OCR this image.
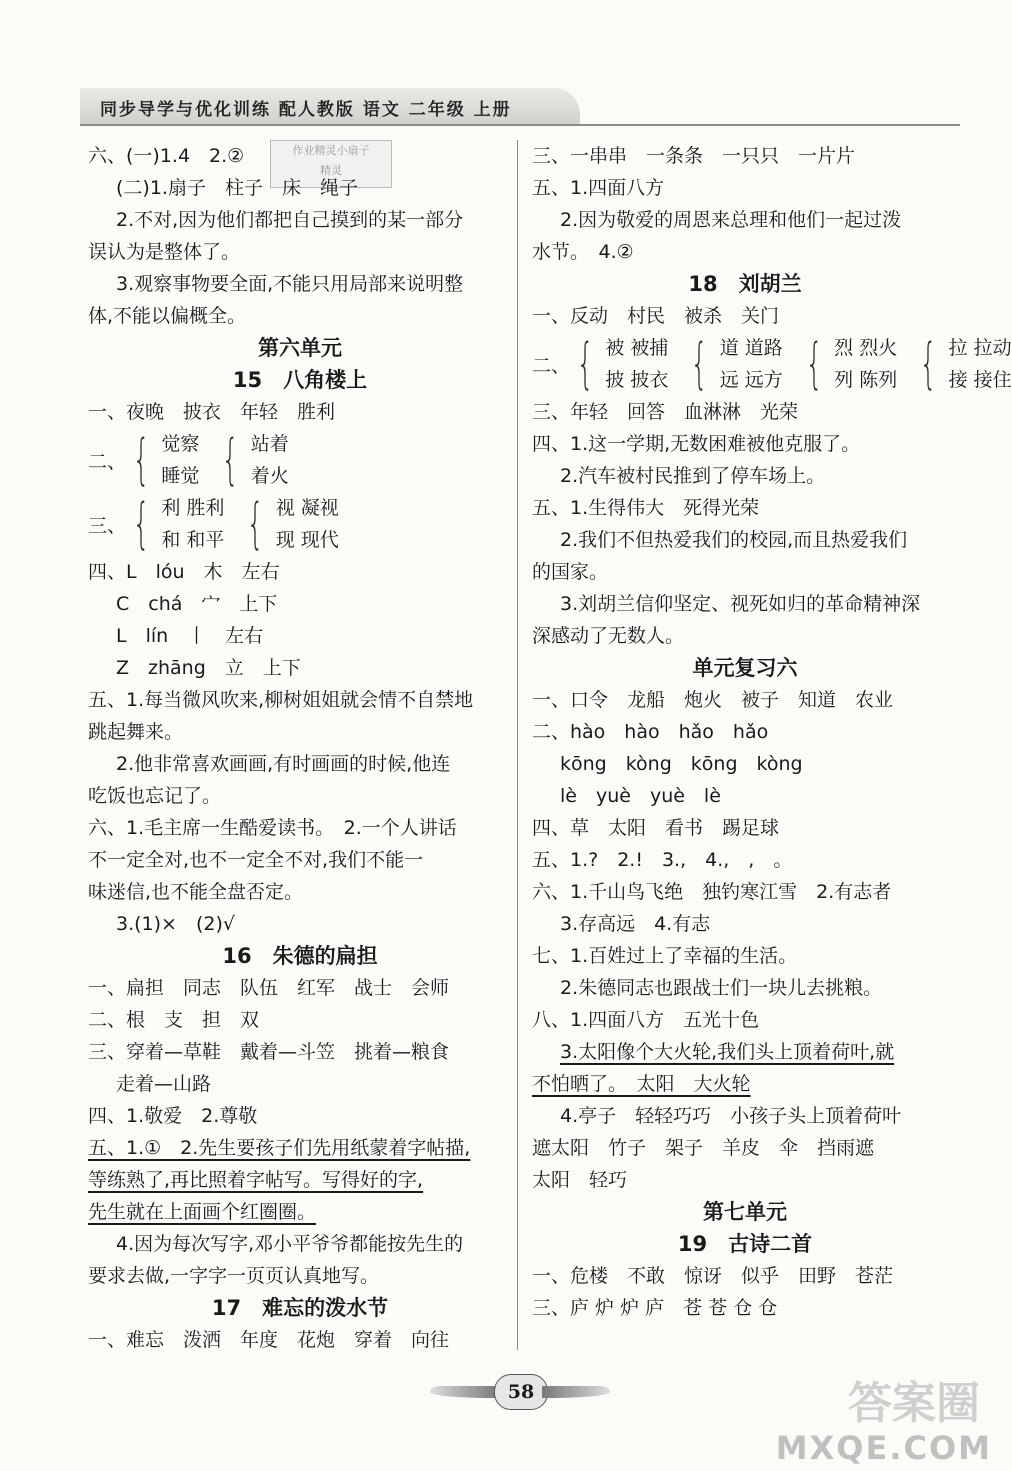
同步导学与优化训练 配人教版 语文 二年级 上册
作业精灵小扇子
精灵
六、(一)1.4　2.②
(二)1.扇子　柱子　床　绳子
2.不对,因为他们都把自己摸到的某一部分
误认为是整体了。
3.观察事物要全面,不能只用局部来说明整
体,不能以偏概全。
第六单元
15　八角楼上
一、夜晚　披衣　年轻　胜利
二、 { 觉察
睡觉 { 站着
着火
三、 { 利 胜利
和 和平 { 视 凝视
现 现代
四、L　lóu　木　左右
C　chá　宀　上下
L　lín　丨　左右
Z　zhāng　立　上下
五、1.每当微风吹来,柳树姐姐就会情不自禁地
跳起舞来。
2.他非常喜欢画画,有时画画的时候,他连
吃饭也忘记了。
六、1.毛主席一生酷爱读书。　2.一个人讲话
不一定全对,也不一定全不对,我们不能一
味迷信,也不能全盘否定。
3.(1)×　(2)√
16　朱德的扁担
一、扁担　同志　队伍　红军　战士　会师
二、根　支　担　双
三、穿着—草鞋　戴着—斗笠　挑着—粮食
走着—山路
四、1.敬爱　2.尊敬
五、1.①　2.先生要孩子们先用纸蒙着字帖描,
等练熟了,再比照着字帖写。写得好的字,
先生就在上面画个红圈圈。
4.因为每次写字,邓小平爷爷都能按先生的
要求去做,一字字一页页认真地写。
17　难忘的泼水节
一、难忘　泼洒　年度　花炮　穿着　向往
三、一串串　一条条　一只只　一片片
五、1.四面八方
2.因为敬爱的周恩来总理和他们一起过泼
水节。　4.②
18　刘胡兰
一、反动　村民　被杀　关门
二、 { 被 被捕
披 披衣 { 道 道路
远 远方 { 烈 烈火
列 陈列 { 拉 拉动
接 接住
三、年轻　回答　血淋淋　光荣
四、1.这一学期,无数困难被他克服了。
2.汽车被村民推到了停车场上。
五、1.生得伟大　死得光荣
2.我们不但热爱我们的校园,而且热爱我们
的国家。
3.刘胡兰信仰坚定、视死如归的革命精神深
深感动了无数人。
单元复习六
一、口令　龙船　炮火　被子　知道　农业
二、hào　hào　hǎo　hǎo
kōng　kòng　kōng　kòng
lè　yuè　yuè　lè
四、草　太阳　看书　踢足球
五、1.?　2.!　3.,　4.,　,　。
六、1.千山鸟飞绝　独钓寒江雪　2.有志者
3.存高远　4.有志
七、1.百姓过上了幸福的生活。
2.朱德同志也跟战士们一块儿去挑粮。
八、1.四面八方　五光十色
3.太阳像个大火轮,我们头上顶着荷叶,就
不怕晒了。　太阳　大火轮
4.亭子　轻轻巧巧　小孩子头上顶着荷叶
遮太阳　竹子　架子　羊皮　伞　挡雨遮
太阳　轻巧
第七单元
19　古诗二首
一、危楼　不敢　惊讶　似乎　田野　苍茫
三、庐 炉 炉 庐　苍 苍 仓 仓
58	答案圈
MXQE.COM
